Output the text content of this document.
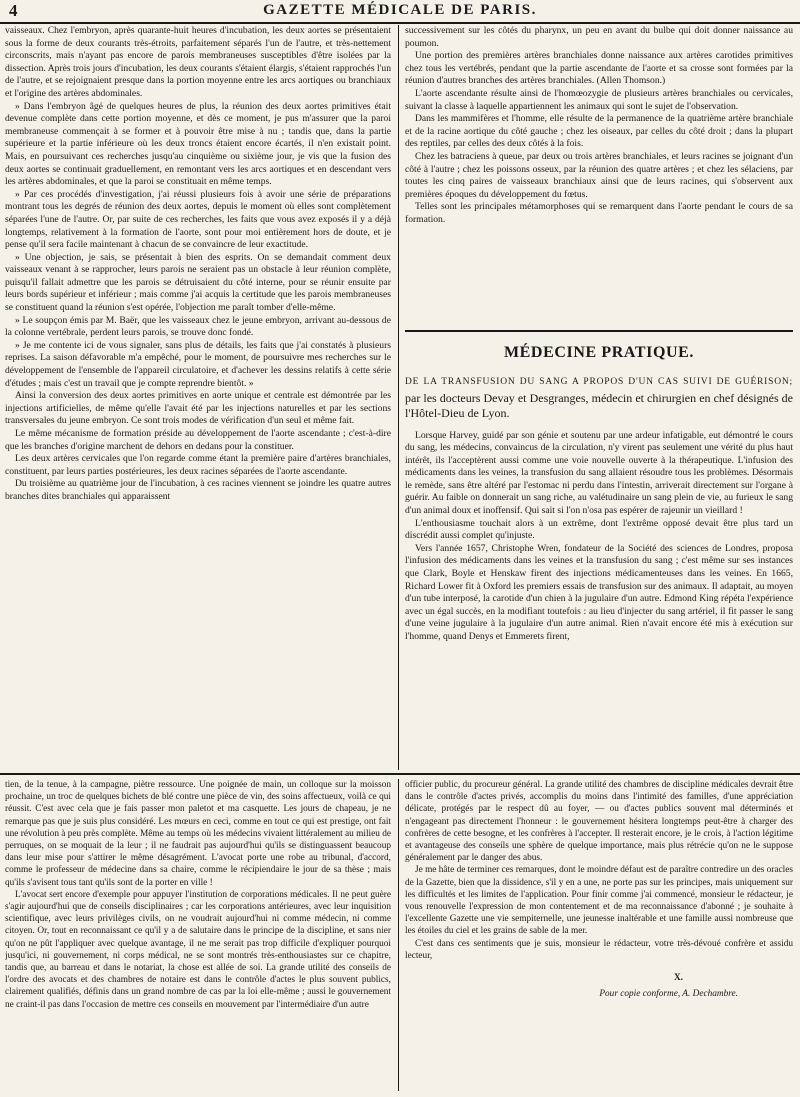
4	GAZETTE MÉDICALE DE PARIS.

vaisseaux. Chez l'embryon, après quarante-huit heures d'incubation, les deux aortes se présentaient sous la forme de deux courants très-étroits, parfaitement séparés l'un de l'autre, et très-nettement circonscrits, mais n'ayant pas encore de parois membraneuses susceptibles d'être isolées par la dissection. Après trois jours d'incubation, les deux courants s'étaient élargis, s'étaient rapprochés l'un de l'autre, et se rejoignaient presque dans la portion moyenne entre les arcs aortiques ou branchiaux et l'origine des artères abdominales.

» Dans l'embryon âgé de quelques heures de plus, la réunion des deux aortes primitives était devenue complète dans cette portion moyenne, et dès ce moment, je pus m'assurer que la paroi membraneuse commençait à se former et à pouvoir être mise à nu ; tandis que, dans la partie supérieure et la partie inférieure où les deux troncs étaient encore écartés, il n'en existait point. Mais, en poursuivant ces recherches jusqu'au cinquième ou sixième jour, je vis que la fusion des deux aortes se continuait graduellement, en remontant vers les arcs aortiques et en descendant vers les artères abdominales, et que la paroi se constituait en même temps.

» Par ces procédés d'investigation, j'ai réussi plusieurs fois à avoir une série de préparations montrant tous les degrés de réunion des deux aortes, depuis le moment où elles sont complètement séparées l'une de l'autre. Or, par suite de ces recherches, les faits que vous avez exposés il y a déjà longtemps, relativement à la formation de l'aorte, sont pour moi entièrement hors de doute, et je pense qu'il sera facile maintenant à chacun de se convaincre de leur exactitude.

» Une objection, je sais, se présentait à bien des esprits. On se demandait comment deux vaisseaux venant à se rapprocher, leurs parois ne seraient pas un obstacle à leur réunion complète, puisqu'il fallait admettre que les parois se détruisaient du côté interne, pour se réunir ensuite par leurs bords supérieur et inférieur ; mais comme j'ai acquis la certitude que les parois membraneuses se constituent quand la réunion s'est opérée, l'objection me paraît tomber d'elle-même.

» Le soupçon émis par M. Baër, que les vaisseaux chez le jeune embryon, arrivant au-dessous de la colonne vertébrale, perdent leurs parois, se trouve donc fondé.

» Je me contente ici de vous signaler, sans plus de détails, les faits que j'ai constatés à plusieurs reprises. La saison défavorable m'a empêché, pour le moment, de poursuivre mes recherches sur le développement de l'ensemble de l'appareil circulatoire, et d'achever les dessins relatifs à cette série d'études ; mais c'est un travail que je compte reprendre bientôt. »

Ainsi la conversion des deux aortes primitives en aorte unique et centrale est démontrée par les injections artificielles, de même qu'elle l'avait été par les injections naturelles et par les sections transversales du jeune embryon. Ce sont trois modes de vérification d'un seul et même fait.

Le même mécanisme de formation préside au développement de l'aorte ascendante ; c'est-à-dire que les branches d'origine marchent de dehors en dedans pour la constituer.

Les deux artères cervicales que l'on regarde comme étant la première paire d'artères branchiales, constituent, par leurs parties postérieures, les deux racines séparées de l'aorte ascendante.

Du troisième au quatrième jour de l'incubation, à ces racines viennent se joindre les quatre autres branches dites branchiales qui apparaissent

successivement sur les côtés du pharynx, un peu en avant du bulbe qui doit donner naissance au poumon.

Une portion des premières artères branchiales donne naissance aux artères carotides primitives chez tous les vertébrés, pendant que la partie ascendante de l'aorte et sa crosse sont formées par la réunion d'autres branches des artères branchiales. (Allen Thomson.)

L'aorte ascendante résulte ainsi de l'homœozygie de plusieurs artères branchiales ou cervicales, suivant la classe à laquelle appartiennent les animaux qui sont le sujet de l'observation.

Dans les mammifères et l'homme, elle résulte de la permanence de la quatrième artère branchiale et de la racine aortique du côté gauche ; chez les oiseaux, par celles du côté droit ; dans la plupart des reptiles, par celles des deux côtés à la fois.

Chez les batraciens à queue, par deux ou trois artères branchiales, et leurs racines se joignant d'un côté à l'autre ; chez les poissons osseux, par la réunion des quatre artères ; et chez les sélaciens, par toutes les cinq paires de vaisseaux branchiaux ainsi que de leurs racines, qui s'observent aux premières époques du développement du fœtus.

Telles sont les principales métamorphoses qui se remarquent dans l'aorte pendant le cours de sa formation.

MÉDECINE PRATIQUE.
DE LA TRANSFUSION DU SANG A PROPOS D'UN CAS SUIVI DE GUÉRISON; par les docteurs Devay et Desgranges, médecin et chirurgien en chef désignés de l'Hôtel-Dieu de Lyon.

Lorsque Harvey, guidé par son génie et soutenu par une ardeur infatigable, eut démontré le cours du sang, les médecins, convaincus de la circulation, n'y virent pas seulement une vérité du plus haut intérêt, ils l'acceptèrent aussi comme une voie nouvelle ouverte à la thérapeutique. L'infusion des médicaments dans les veines, la transfusion du sang allaient résoudre tous les problèmes. Désormais le remède, sans être altéré par l'estomac ni perdu dans l'intestin, arriverait directement sur l'organe à guérir. Au faible on donnerait un sang riche, au valétudinaire un sang plein de vie, au furieux le sang d'un animal doux et inoffensif. Qui sait si l'on n'osa pas espérer de rajeunir un vieillard !

L'enthousiasme touchait alors à un extrême, dont l'extrême opposé devait être plus tard un discrédit aussi complet qu'injuste.

Vers l'année 1657, Christophe Wren, fondateur de la Société des sciences de Londres, proposa l'infusion des médicaments dans les veines et la transfusion du sang ; c'est même sur ses instances que Clark, Boyle et Henskaw firent des injections médicamenteuses dans les veines. En 1665, Richard Lower fit à Oxford les premiers essais de transfusion sur des animaux. Il adaptait, au moyen d'un tube interposé, la carotide d'un chien à la jugulaire d'un autre. Edmond King répéta l'expérience avec un égal succès, en la modifiant toutefois : au lieu d'injecter du sang artériel, il fit passer le sang d'une veine jugulaire à la jugulaire d'un autre animal. Rien n'avait encore été mis à exécution sur l'homme, quand Denys et Emmerets firent,

tien, de la tenue, à la campagne, piètre ressource. Une poignée de main, un colloque sur la moisson prochaine, un troc de quelques bichets de blé contre une pièce de vin, des soins affectueux, voilà ce qui réussit. C'est avec cela que je fais passer mon paletot et ma casquette. Les jours de chapeau, je ne remarque pas que je suis plus considéré. Les mœurs en ceci, comme en tout ce qui est prestige, ont fait une révolution à peu près complète. Même au temps où les médecins vivaient littéralement au milieu de perruques, on se moquait de la leur ; il ne faudrait pas aujourd'hui qu'ils se distinguassent beaucoup dans leur mise pour s'attirer le même désagrément. L'avocat porte une robe au tribunal, d'accord, comme le professeur de médecine dans sa chaire, comme le récipiendaire le jour de sa thèse ; mais qu'ils s'avisent tous tant qu'ils sont de la porter en ville !

L'avocat sert encore d'exemple pour appuyer l'institution de corporations médicales. Il ne peut guère s'agir aujourd'hui que de conseils disciplinaires ; car les corporations antérieures, avec leur inquisition scientifique, avec leurs privilèges civils, on ne voudrait aujourd'hui ni comme médecin, ni comme citoyen. Or, tout en reconnaissant ce qu'il y a de salutaire dans le principe de la discipline, et sans nier qu'on ne pût l'appliquer avec quelque avantage, il ne me serait pas trop difficile d'expliquer pourquoi jusqu'ici, ni gouvernement, ni corps médical, ne se sont montrés très-enthousiastes sur ce chapitre, tandis que, au barreau et dans le notariat, la chose est allée de soi. La grande utilité des conseils de l'ordre des avocats et des chambres de notaire est dans le contrôle d'actes le plus souvent publics, clairement qualifiés, définis dans un grand nombre de cas par la loi elle-même ; aussi le gouvernement ne craint-il pas dans l'occasion de mettre ces conseils en mouvement par l'intermédiaire d'un autre

officier public, du procureur général. La grande utilité des chambres de discipline médicales devrait être dans le contrôle d'actes privés, accomplis du moins dans l'intimité des familles, d'une appréciation délicate, protégés par le respect dû au foyer, — ou d'actes publics souvent mal déterminés et n'engageant pas directement l'honneur : le gouvernement hésitera longtemps peut-être à charger des confrères de cette besogne, et les confrères à l'accepter. Il resterait encore, je le crois, à l'action légitime et avantageuse des conseils une sphère de quelque importance, mais plus rétrécie qu'on ne le suppose généralement par le danger des abus.

Je me hâte de terminer ces remarques, dont le moindre défaut est de paraître contredire un des oracles de la Gazette, bien que la dissidence, s'il y en a une, ne porte pas sur les principes, mais uniquement sur les difficultés et les limites de l'application. Pour finir comme j'ai commencé, monsieur le rédacteur, je vous renouvelle l'expression de mon contentement et de ma reconnaissance d'abonné ; je souhaite à l'excellente Gazette une vie sempiternelle, une jeunesse inaltérable et une famille aussi nombreuse que les étoiles du ciel et les grains de sable de la mer.

C'est dans ces sentiments que je suis, monsieur le rédacteur, votre très-dévoué confrère et assidu lecteur,

X.
Pour copie conforme, A. Dechambre.
